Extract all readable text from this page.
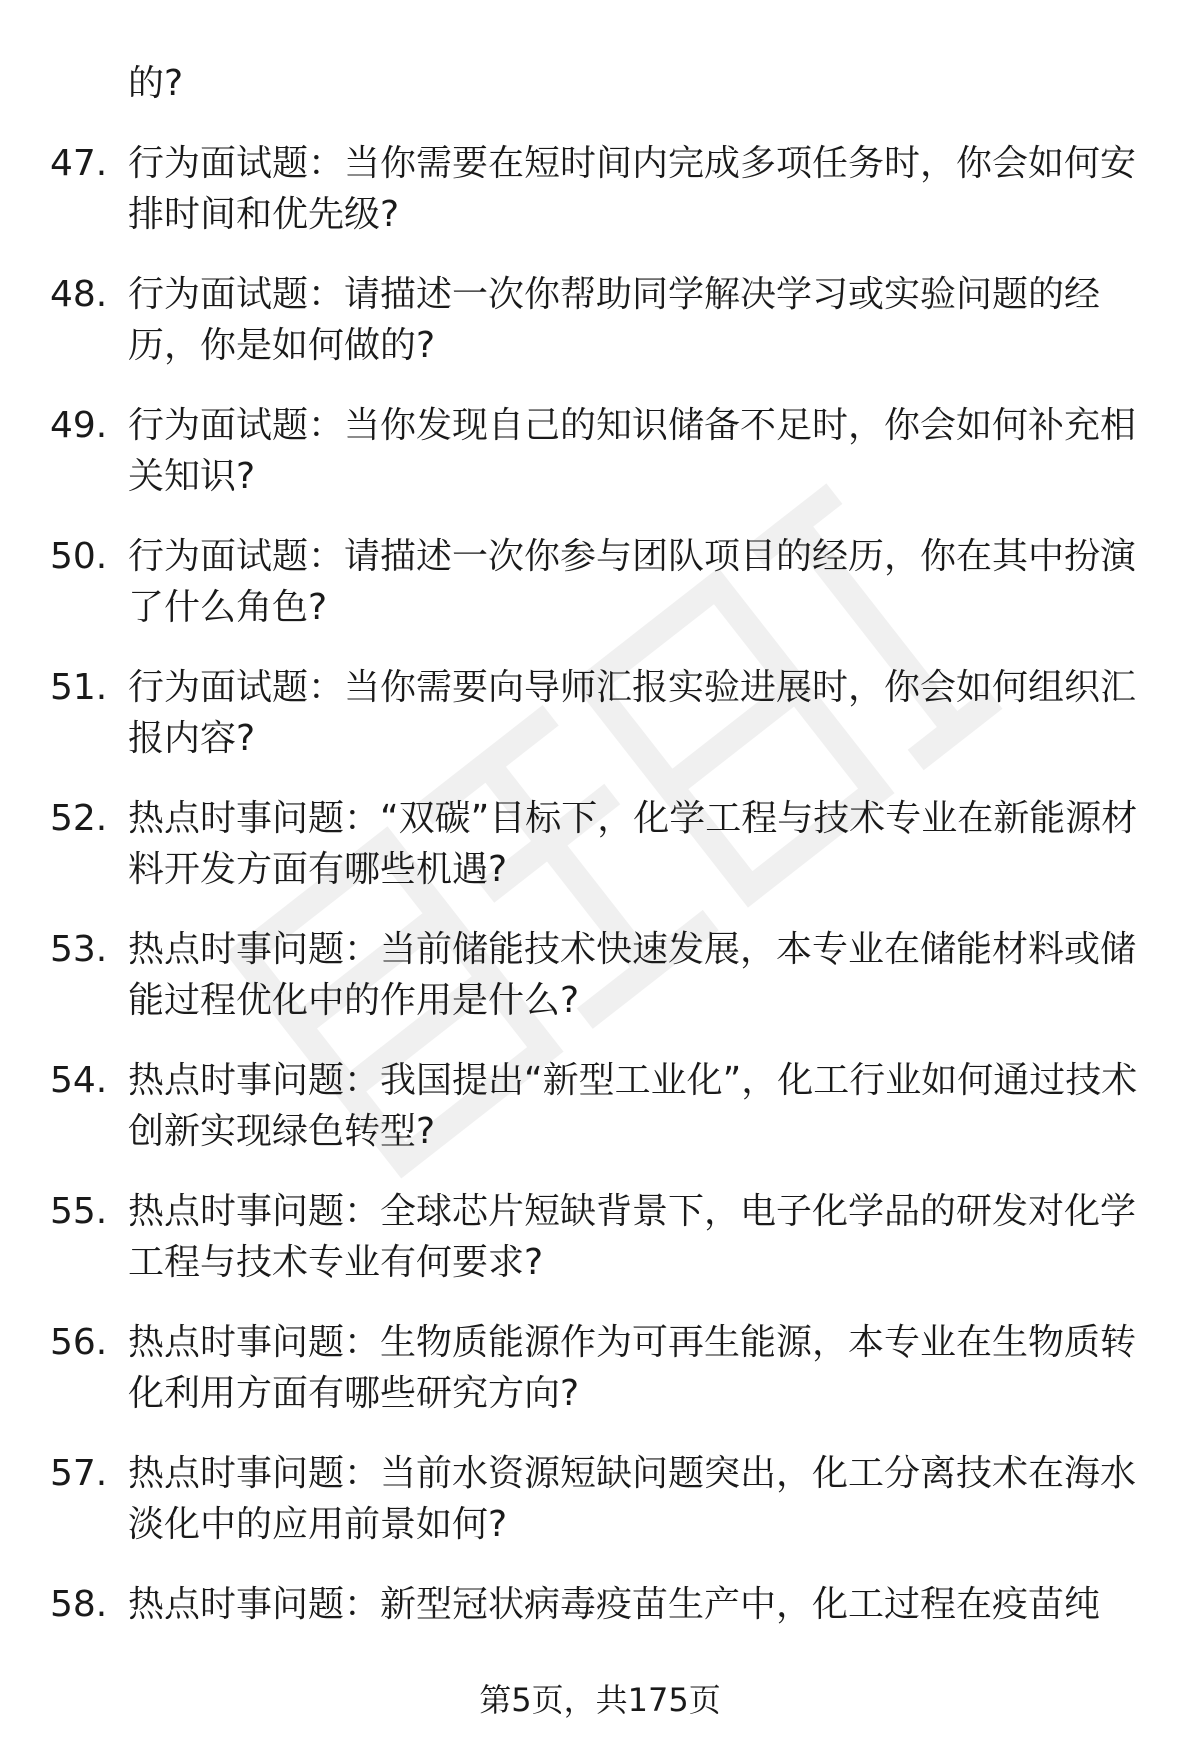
的?
47. 行为面试题：当你需要在短时间内完成多项任务时，你会如何安排时间和优先级?
48. 行为面试题：请描述一次你帮助同学解决学习或实验问题的经历，你是如何做的?
49. 行为面试题：当你发现自己的知识储备不足时，你会如何补充相关知识?
50. 行为面试题：请描述一次你参与团队项目的经历，你在其中扮演了什么角色?
51. 行为面试题：当你需要向导师汇报实验进展时，你会如何组织汇报内容?
52. 热点时事问题：“双碳”目标下，化学工程与技术专业在新能源材料开发方面有哪些机遇?
53. 热点时事问题：当前储能技术快速发展，本专业在储能材料或储能过程优化中的作用是什么?
54. 热点时事问题：我国提出“新型工业化”，化工行业如何通过技术创新实现绿色转型?
55. 热点时事问题：全球芯片短缺背景下，电子化学品的研发对化学工程与技术专业有何要求?
56. 热点时事问题：生物质能源作为可再生能源，本专业在生物质转化利用方面有哪些研究方向?
57. 热点时事问题：当前水资源短缺问题突出，化工分离技术在海水淡化中的应用前景如何?
58. 热点时事问题：新型冠状病毒疫苗生产中，化工过程在疫苗纯
第5页，共175页
